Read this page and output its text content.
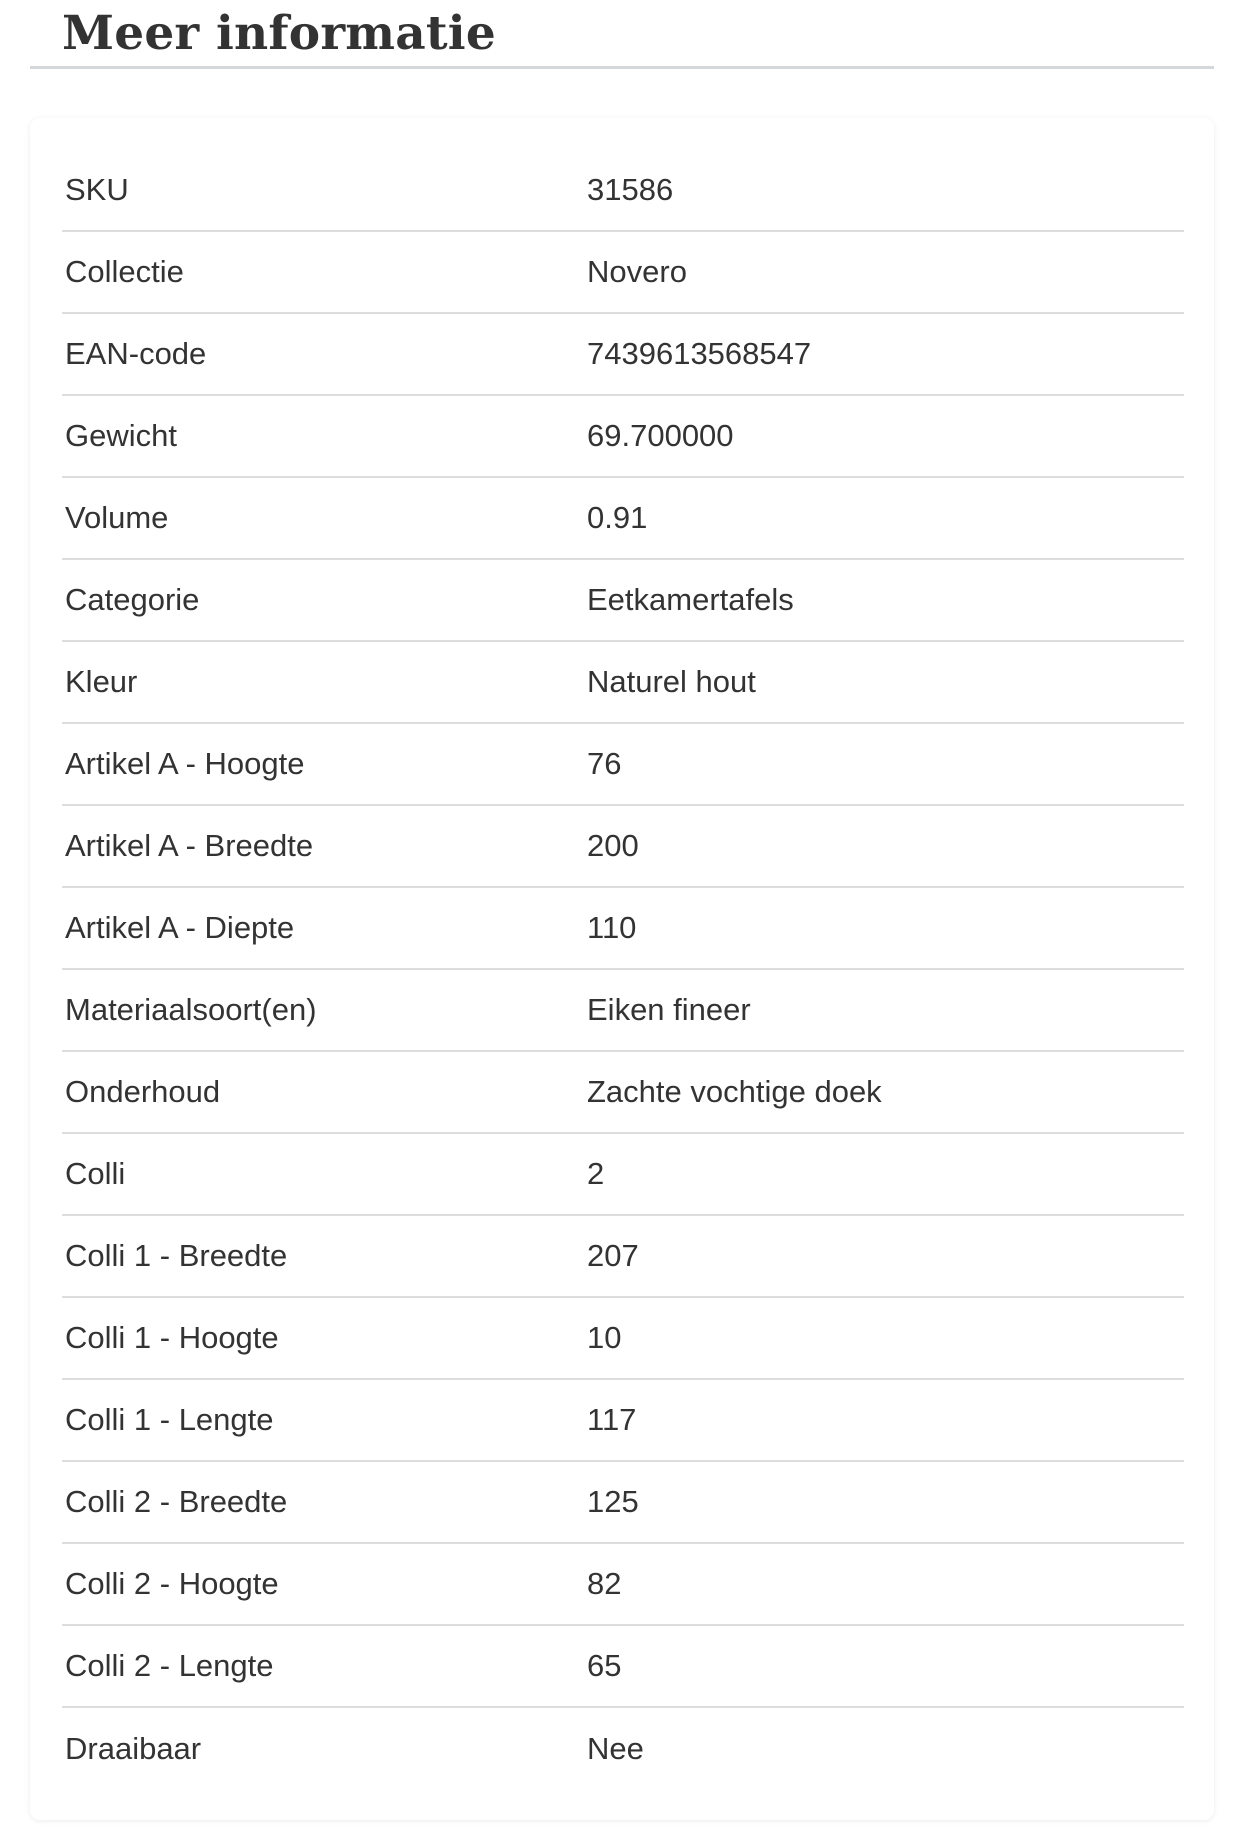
Meer informatie
SKU	31586
Collectie	Novero
EAN-code	7439613568547
Gewicht	69.700000
Volume	0.91
Categorie	Eetkamertafels
Kleur	Naturel hout
Artikel A - Hoogte	76
Artikel A - Breedte	200
Artikel A - Diepte	110
Materiaalsoort(en)	Eiken fineer
Onderhoud	Zachte vochtige doek
Colli	2
Colli 1 - Breedte	207
Colli 1 - Hoogte	10
Colli 1 - Lengte	117
Colli 2 - Breedte	125
Colli 2 - Hoogte	82
Colli 2 - Lengte	65
Draaibaar	Nee
